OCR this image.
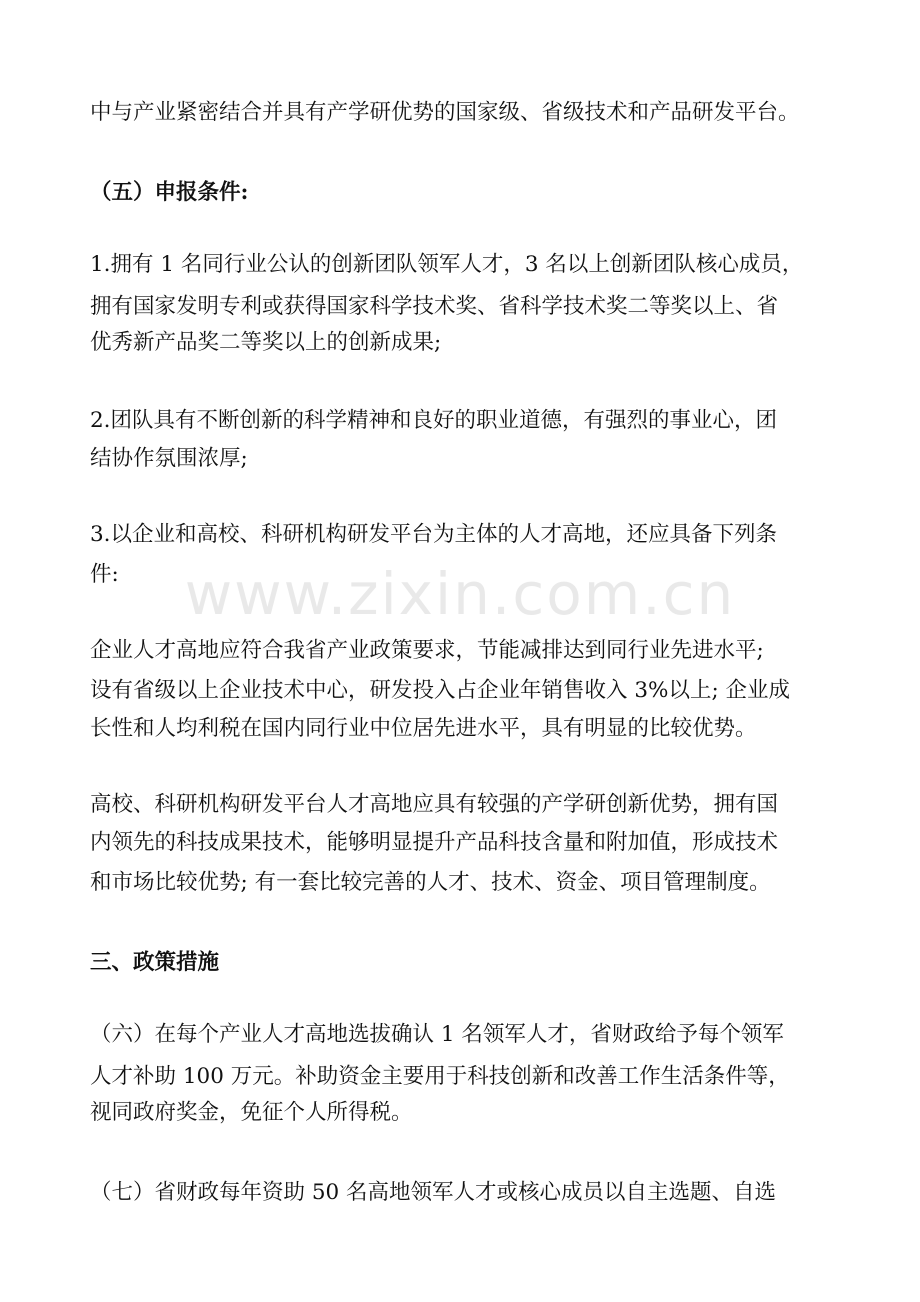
www.zixin.com.cn
中与产业紧密结合并具有产学研优势的国家级、省级技术和产品研发平台。
（五）申报条件:
1.拥有 1 名同行业公认的创新团队领军人才，3 名以上创新团队核心成员，
拥有国家发明专利或获得国家科学技术奖、省科学技术奖二等奖以上、省
优秀新产品奖二等奖以上的创新成果;
2.团队具有不断创新的科学精神和良好的职业道德，有强烈的事业心，团
结协作氛围浓厚;
3.以企业和高校、科研机构研发平台为主体的人才高地，还应具备下列条
件:
企业人才高地应符合我省产业政策要求，节能减排达到同行业先进水平;
设有省级以上企业技术中心，研发投入占企业年销售收入 3%以上; 企业成
长性和人均利税在国内同行业中位居先进水平，具有明显的比较优势。
高校、科研机构研发平台人才高地应具有较强的产学研创新优势，拥有国
内领先的科技成果技术，能够明显提升产品科技含量和附加值，形成技术
和市场比较优势; 有一套比较完善的人才、技术、资金、项目管理制度。
三、政策措施
（六）在每个产业人才高地选拔确认 1 名领军人才，省财政给予每个领军
人才补助 100 万元。补助资金主要用于科技创新和改善工作生活条件等，
视同政府奖金，免征个人所得税。
（七）省财政每年资助 50 名高地领军人才或核心成员以自主选题、自选
